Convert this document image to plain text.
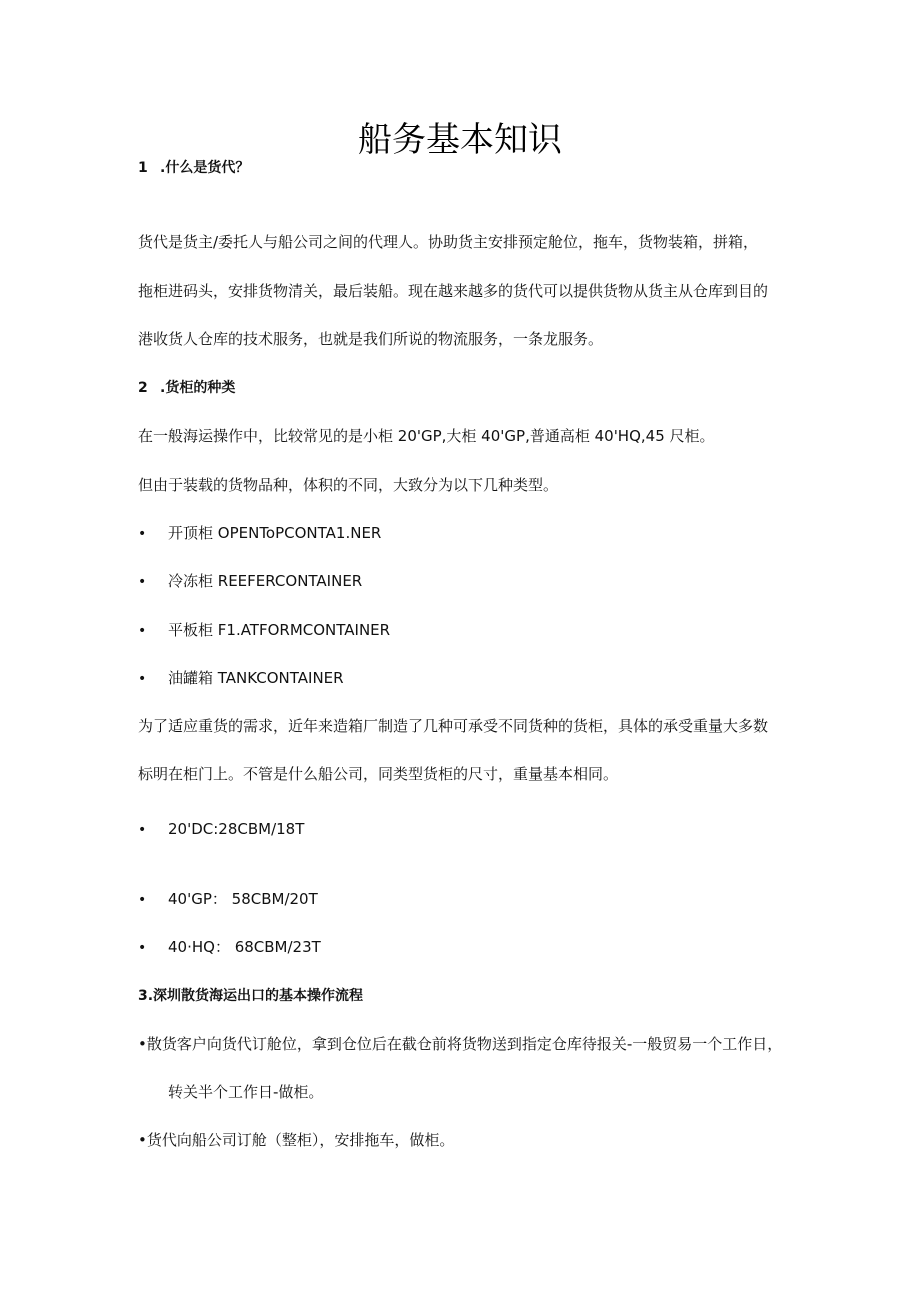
船务基本知识
1 .什么是货代？
货代是货主/委托人与船公司之间的代理人。协助货主安排预定舱位，拖车，货物装箱，拼箱，
拖柜进码头，安排货物清关，最后装船。现在越来越多的货代可以提供货物从货主从仓库到目的
港收货人仓库的技术服务，也就是我们所说的物流服务，一条龙服务。
2 .货柜的种类
在一般海运操作中，比较常见的是小柜 20'GP,大柜 40'GP,普通高柜 40'HQ,45 尺柜。
但由于装载的货物品种，体积的不同，大致分为以下几种类型。
• 开顶柜 OPENToPCONTA1.NER
• 冷冻柜 REEFERCONTAINER
• 平板柜 F1.ATFORMCONTAINER
• 油罐箱 TANKCONTAINER
为了适应重货的需求，近年来造箱厂制造了几种可承受不同货种的货柜，具体的承受重量大多数
标明在柜门上。不管是什么船公司，同类型货柜的尺寸，重量基本相同。
• 20'DC:28CBM/18T
• 40'GP： 58CBM/20T
• 40·HQ： 68CBM/23T
3.深圳散货海运出口的基本操作流程
•散货客户向货代订舱位，拿到仓位后在截仓前将货物送到指定仓库待报关-一般贸易一个工作日，
转关半个工作日-做柜。
•货代向船公司订舱（整柜），安排拖车，做柜。
